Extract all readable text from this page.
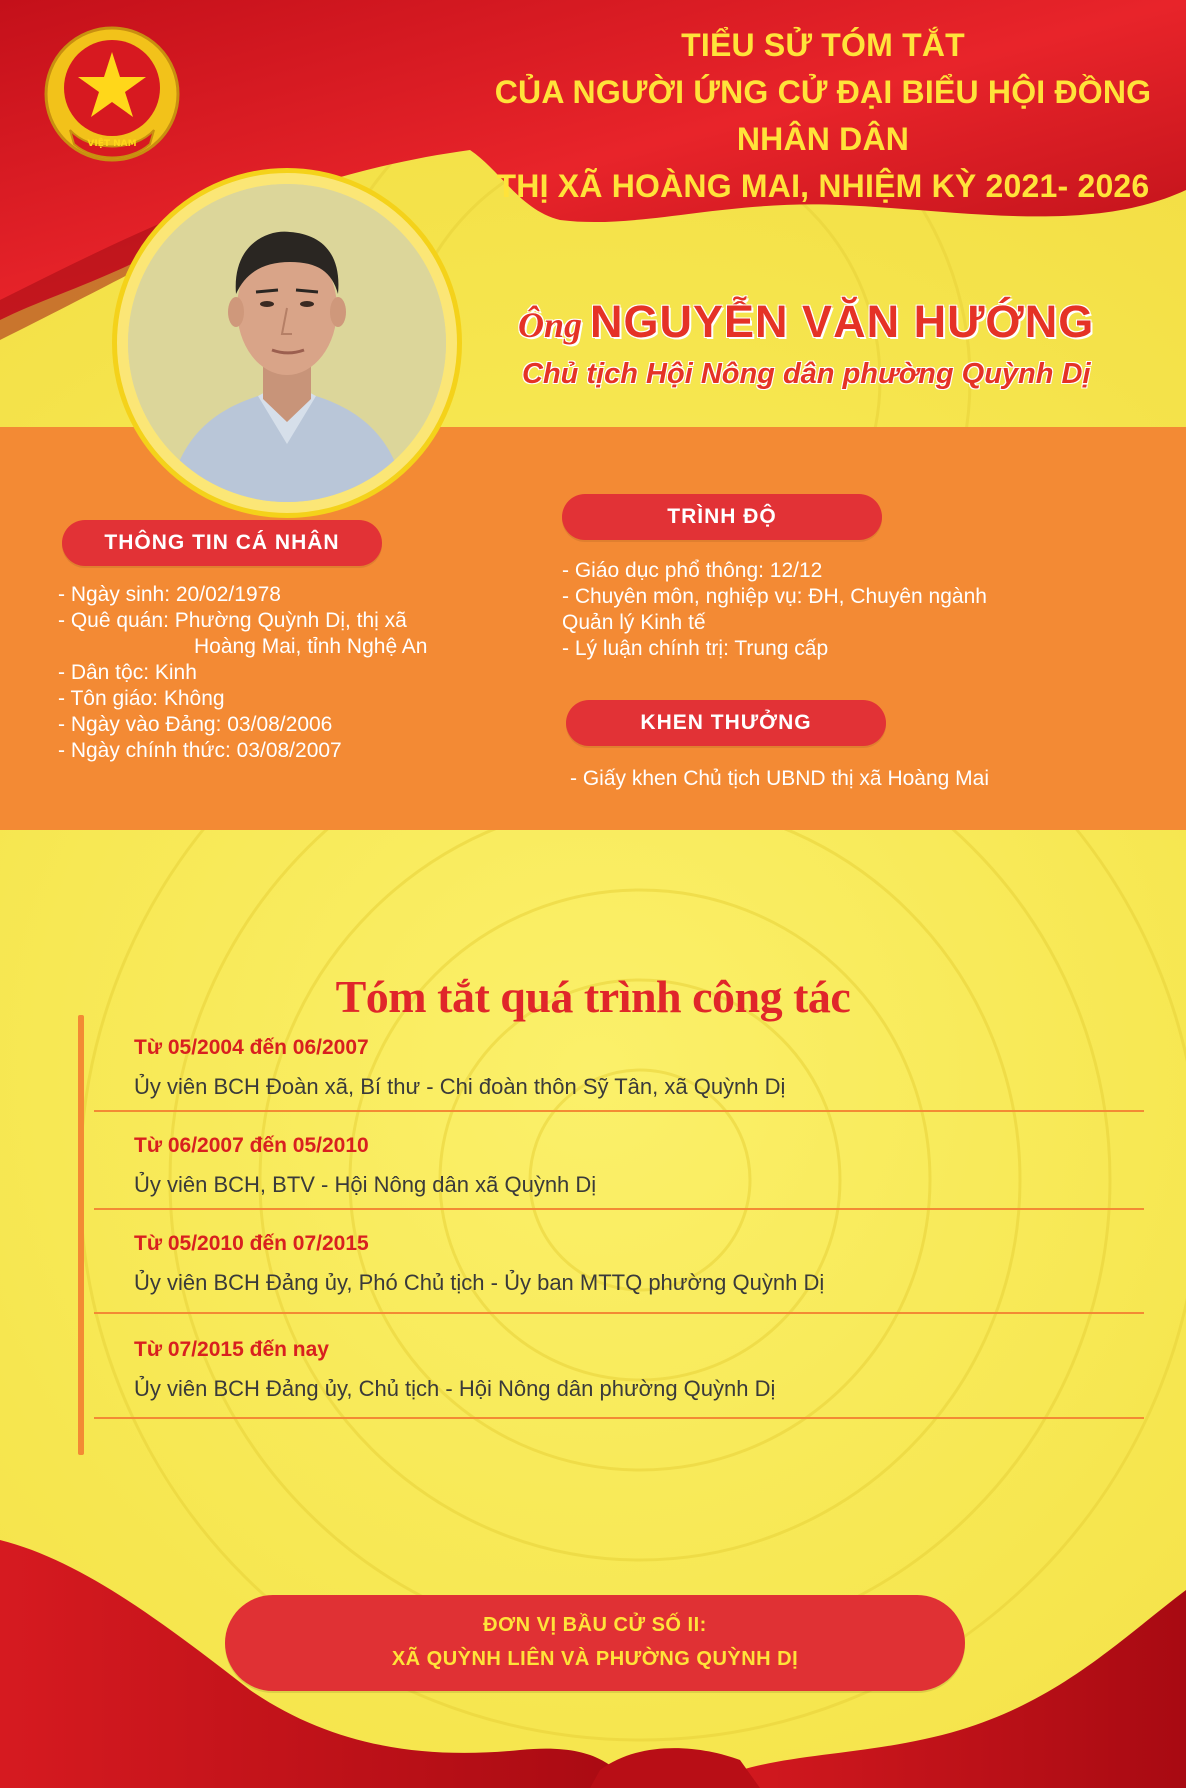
VIỆT NAM
TIỂU SỬ TÓM TẮT
CỦA NGƯỜI ỨNG CỬ ĐẠI BIỂU HỘI ĐỒNG NHÂN DÂN
THỊ XÃ HOÀNG MAI, NHIỆM KỲ 2021- 2026
Ông NGUYỄN VĂN HƯỚNG
Chủ tịch Hội Nông dân phường Quỳnh Dị
THÔNG TIN CÁ NHÂN
- Ngày sinh: 20/02/1978
- Quê quán: Phường Quỳnh Dị, thị xã
Hoàng Mai, tỉnh Nghệ An
- Dân tộc: Kinh
- Tôn giáo: Không
- Ngày vào Đảng: 03/08/2006
- Ngày chính thức: 03/08/2007
TRÌNH ĐỘ
- Giáo dục phổ thông: 12/12
- Chuyên môn, nghiệp vụ: ĐH, Chuyên ngành
Quản lý Kinh tế
- Lý luận chính trị: Trung cấp
KHEN THƯỞNG
- Giấy khen Chủ tịch UBND thị xã Hoàng Mai
Tóm tắt quá trình công tác
Từ 05/2004 đến 06/2007
Ủy viên BCH Đoàn xã, Bí thư - Chi đoàn thôn Sỹ Tân, xã Quỳnh Dị
Từ 06/2007 đến 05/2010
Ủy viên BCH, BTV - Hội Nông dân xã Quỳnh Dị
Từ 05/2010 đến 07/2015
Ủy viên BCH Đảng ủy, Phó Chủ tịch - Ủy ban MTTQ phường Quỳnh Dị
Từ 07/2015 đến nay
Ủy viên BCH Đảng ủy, Chủ tịch - Hội Nông dân phường Quỳnh Dị
ĐƠN VỊ BẦU CỬ SỐ II:
XÃ QUỲNH LIÊN VÀ PHƯỜNG QUỲNH DỊ
